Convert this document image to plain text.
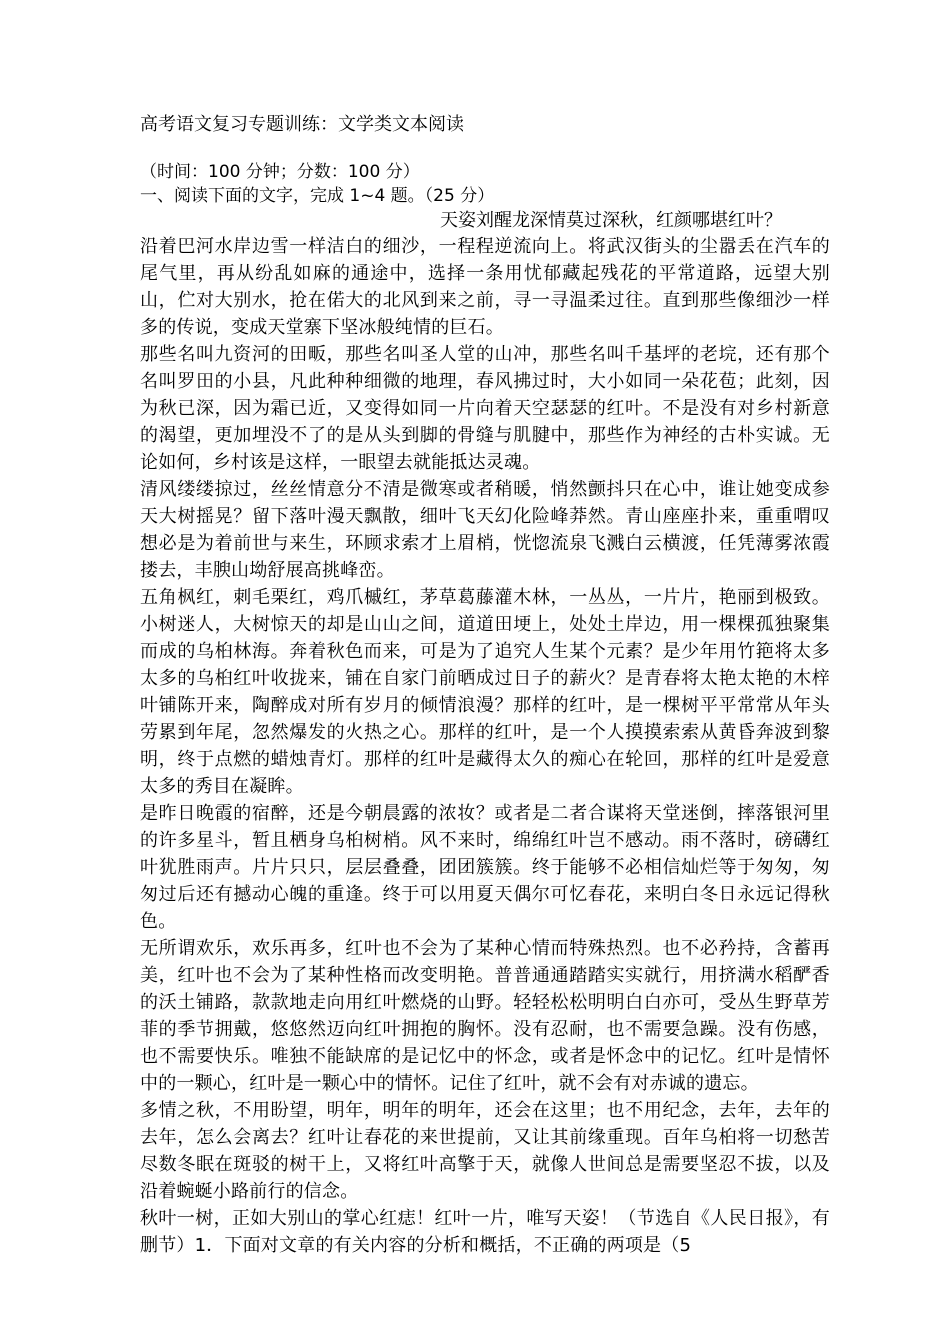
高考语文复习专题训练：文学类文本阅读

（时间：100 分钟；分数：100 分）

一、阅读下面的文字，完成 1~4 题。（25 分）

天姿刘醒龙深情莫过深秋，红颜哪堪红叶？

沿着巴河水岸边雪一样洁白的细沙，一程程逆流向上。将武汉街头的尘嚣丢在汽车的尾气里，再从纷乱如麻的通途中，选择一条用忧郁藏起残花的平常道路，远望大别山，伫对大别水，抢在偌大的北风到来之前，寻一寻温柔过往。直到那些像细沙一样多的传说，变成天堂寨下坚冰般纯情的巨石。

那些名叫九资河的田畈，那些名叫圣人堂的山冲，那些名叫千基坪的老垸，还有那个名叫罗田的小县，凡此种种细微的地理，春风拂过时，大小如同一朵花苞；此刻，因为秋已深，因为霜已近，又变得如同一片向着天空瑟瑟的红叶。不是没有对乡村新意的渴望，更加埋没不了的是从头到脚的骨缝与肌腱中，那些作为神经的古朴实诚。无论如何，乡村该是这样，一眼望去就能抵达灵魂。

清风缕缕掠过，丝丝情意分不清是微寒或者稍暖，悄然颤抖只在心中，谁让她变成参天大树摇晃？留下落叶漫天飘散，细叶飞天幻化险峰莽然。青山座座扑来，重重喟叹想必是为着前世与来生，环顾求索才上眉梢，恍惚流泉飞溅白云横渡，任凭薄雾浓霞搂去，丰腴山坳舒展高挑峰峦。

五角枫红，刺毛栗红，鸡爪槭红，茅草葛藤灌木林，一丛丛，一片片，艳丽到极致。小树迷人，大树惊天的却是山山之间，道道田埂上，处处土岸边，用一棵棵孤独聚集而成的乌桕林海。奔着秋色而来，可是为了追究人生某个元素？是少年用竹筢将太多太多的乌桕红叶收拢来，铺在自家门前晒成过日子的薪火？是青春将太艳太艳的木梓叶铺陈开来，陶醉成对所有岁月的倾情浪漫？那样的红叶，是一棵树平平常常从年头劳累到年尾，忽然爆发的火热之心。那样的红叶，是一个人摸摸索索从黄昏奔波到黎明，终于点燃的蜡烛青灯。那样的红叶是藏得太久的痴心在轮回，那样的红叶是爱意太多的秀目在凝眸。

是昨日晚霞的宿醉，还是今朝晨露的浓妆？或者是二者合谋将天堂迷倒，摔落银河里的许多星斗，暂且栖身乌桕树梢。风不来时，绵绵红叶岂不感动。雨不落时，磅礴红叶犹胜雨声。片片只只，层层叠叠，团团簇簇。终于能够不必相信灿烂等于匆匆，匆匆过后还有撼动心魄的重逢。终于可以用夏天偶尔可忆春花，来明白冬日永远记得秋色。

无所谓欢乐，欢乐再多，红叶也不会为了某种心情而特殊热烈。也不必矜持，含蓄再美，红叶也不会为了某种性格而改变明艳。普普通通踏踏实实就行，用挤满水稻酽香的沃土铺路，款款地走向用红叶燃烧的山野。轻轻松松明明白白亦可，受丛生野草芳菲的季节拥戴，悠悠然迈向红叶拥抱的胸怀。没有忍耐，也不需要急躁。没有伤感，也不需要快乐。唯独不能缺席的是记忆中的怀念，或者是怀念中的记忆。红叶是情怀中的一颗心，红叶是一颗心中的情怀。记住了红叶，就不会有对赤诚的遗忘。

多情之秋，不用盼望，明年，明年的明年，还会在这里；也不用纪念，去年，去年的去年，怎么会离去？红叶让春花的来世提前，又让其前缘重现。百年乌桕将一切愁苦尽数冬眠在斑驳的树干上，又将红叶高擎于天，就像人世间总是需要坚忍不拔，以及沿着蜿蜒小路前行的信念。

秋叶一树，正如大别山的掌心红痣！红叶一片，唯写天姿！（节选自《人民日报》，有删节）1．下面对文章的有关内容的分析和概括，不正确的两项是（5
